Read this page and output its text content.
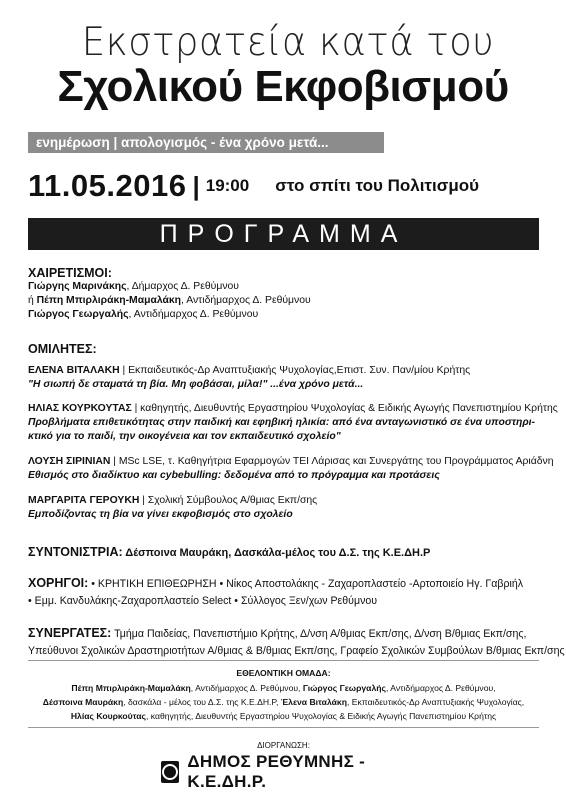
Εκστρατεία κατά του
Σχολικού Εκφοβισμού
ενημέρωση | απολογισμός - ένα χρόνο μετά...
11.05.2016 | 19:00 στο σπίτι του Πολιτισμού
ΠΡΟΓΡΑΜΜΑ
ΧΑΙΡΕΤΙΣΜΟΙ:
Γιώργης Μαρινάκης, Δήμαρχος Δ. Ρεθύμνου
ή Πέπη Μπιρλιράκη-Μαμαλάκη, Αντιδήμαρχος Δ. Ρεθύμνου
Γιώργος Γεωργαλής, Αντιδήμαρχος Δ. Ρεθύμνου
ΟΜΙΛΗΤΕΣ:
ΕΛΕΝΑ ΒΙΤΑΛΑΚΗ | Εκπαιδευτικός-Δρ Αναπτυξιακής Ψυχολογίας,Επιστ. Συν. Παν/μίου Κρήτης
"Η σιωπή δε σταματά τη βία. Μη φοβάσαι, μίλα!" ...ένα χρόνο μετά...
ΗΛΙΑΣ ΚΟΥΡΚΟΥΤΑΣ | καθηγητής, Διευθυντής Εργαστηρίου Ψυχολογίας & Ειδικής Αγωγής Πανεπιστημίου Κρήτης
Προβλήματα επιθετικότητας στην παιδική και εφηβική ηλικία: από ένα ανταγωνιστικό σε ένα υποστηρι-
κτικό για το παιδί, την οικογένεια και τον εκπαιδευτικό σχολείο"
ΛΟΥΣΗ ΣΙΡΙΝΙΑΝ | MSc LSE, τ. Καθηγήτρια Εφαρμογών ΤΕΙ Λάρισας και Συνεργάτης του Προγράμματος Αριάδνη
Εθισμός στο διαδίκτυο και cybebulling: δεδομένα από το πρόγραμμα και προτάσεις
ΜΑΡΓΑΡΙΤΑ ΓΕΡΟΥΚΗ | Σχολική Σύμβουλος Α/θμιας Εκπ/σης
Εμποδίζοντας τη βία να γίνει εκφοβισμός στο σχολείο
ΣΥΝΤΟΝΙΣΤΡΙΑ: Δέσποινα Μαυράκη, Δασκάλα-μέλος του Δ.Σ. της Κ.Ε.ΔΗ.Ρ
ΧΟΡΗΓΟΙ: • ΚΡΗΤΙΚΗ ΕΠΙΘΕΩΡΗΣΗ • Νίκος Αποστολάκης - Ζαχαροπλαστείο -Αρτοποιείο Ηγ. Γαβριήλ
• Εμμ. Κανδυλάκης-Ζαχαροπλαστείο Select • Σύλλογος Ξεν/χων Ρεθύμνου
ΣΥΝΕΡΓΑΤΕΣ: Τμήμα Παιδείας, Πανεπιστήμιο Κρήτης, Δ/νση Α/θμιας Εκπ/σης, Δ/νση Β/θμιας Εκπ/σης,
Υπεύθυνοι Σχολικών Δραστηριοτήτων Α/θμιας & Β/θμιας Εκπ/σης, Γραφείο Σχολικών Συμβούλων Β/θμιας Εκπ/σης
ΕΘΕΛΟΝΤΙΚΗ ΟΜΑΔΑ:
Πέπη Μπιρλιράκη-Μαμαλάκη, Αντιδήμαρχος Δ. Ρεθύμνου, Γιώργος Γεωργαλής, Αντιδήμαρχος Δ. Ρεθύμνου,
Δέσποινα Μαυράκη, δασκάλα - μέλος του Δ.Σ. της Κ.Ε.ΔΗ.Ρ, Έλενα Βιταλάκη, Εκπαιδευτικός-Δρ Αναπτυξιακής Ψυχολογίας,
Ηλίας Κουρκούτας, καθηγητής, Διευθυντής Εργαστηρίου Ψυχολογίας & Ειδικής Αγωγής Πανεπιστημίου Κρήτης
ΔΙΟΡΓΑΝΩΣΗ:
ΔΗΜΟΣ ΡΕΘΥΜΝΗΣ - Κ.Ε.ΔΗ.Ρ.
